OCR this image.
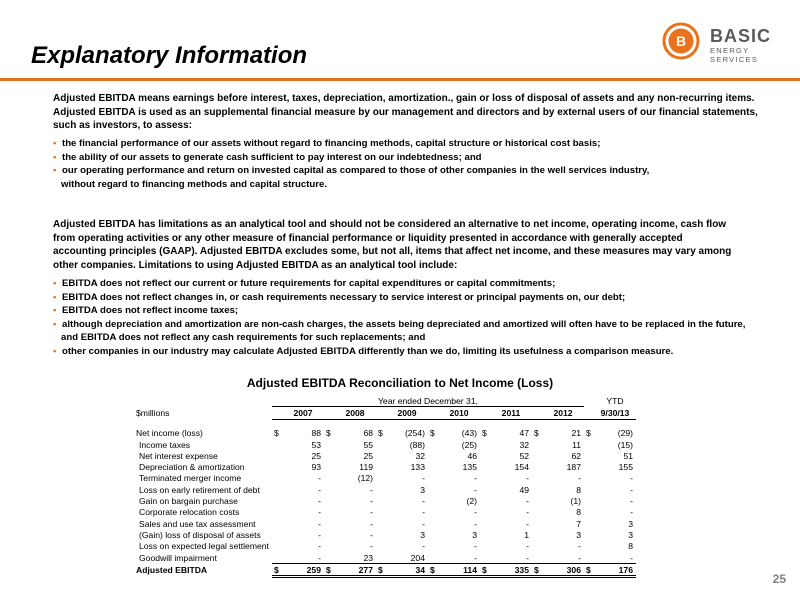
Explanatory Information
B BASIC
ENERGY SERVICES
Adjusted EBITDA means earnings before interest, taxes, depreciation, amortization., gain or loss of disposal of assets and any non-recurring items. Adjusted EBITDA is used as an supplemental financial measure by our management and directors and by external users of our financial statements, such as investors, to assess:
• the financial performance of our assets without regard to financing methods, capital structure or historical cost basis;
• the ability of our assets to generate cash sufficient to pay interest on our indebtedness; and
• our operating performance and return on invested capital as compared to those of other companies in the well services industry,
without regard to financing methods and capital structure.
Adjusted EBITDA has limitations as an analytical tool and should not be considered an alternative to net income, operating income, cash flow from operating activities or any other measure of financial performance or liquidity presented in accordance with generally accepted accounting principles (GAAP). Adjusted EBITDA excludes some, but not all, items that affect net income, and these measures may vary among other companies. Limitations to using Adjusted EBITDA as an analytical tool include:
• EBITDA does not reflect our current or future requirements for capital expenditures or capital commitments;
• EBITDA does not reflect changes in, or cash requirements necessary to service interest or principal payments on, our debt;
• EBITDA does not reflect income taxes;
• although depreciation and amortization are non-cash charges, the assets being depreciated and amortized will often have to be replaced in the future,
and EBITDA does not reflect any cash requirements for such replacements; and
• other companies in our industry may calculate Adjusted EBITDA differently than we do, limiting its usefulness a comparison measure.
Adjusted EBITDA Reconciliation to Net Income (Loss)
	Year ended December 31,													YTD
$millions		2007		2008		2009		2010		2011		2012		9/30/13

Net income (loss)	$	88	$	68	$	(254)	$	(43)	$	47	$	21	$	(29)
Income taxes		53		55		(88)		(25)		32		11		(15)
Net interest expense		25		25		32		46		52		62		51
Depreciation & amortization		93		119		133		135		154		187		155
Terminated merger income		-		(12)		-		-		-		-		-
Loss on early retirement of debt		-		-		3		-		49		8		-
Gain on bargain purchase		-		-		-		(2)		-		(1)		-
Corporate relocation costs		-		-		-		-		-		8		-
Sales and use tax assessment		-		-		-		-		-		7		3
(Gain) loss of disposal of assets		-		-		3		3		1		3		3
Loss on expected legal settlement		-		-		-		-		-		-		8
Goodwill impairment		-		23		204		-		-		-		-
Adjusted EBITDA	$	259	$	277	$	34	$	114	$	335	$	306	$	176
25
